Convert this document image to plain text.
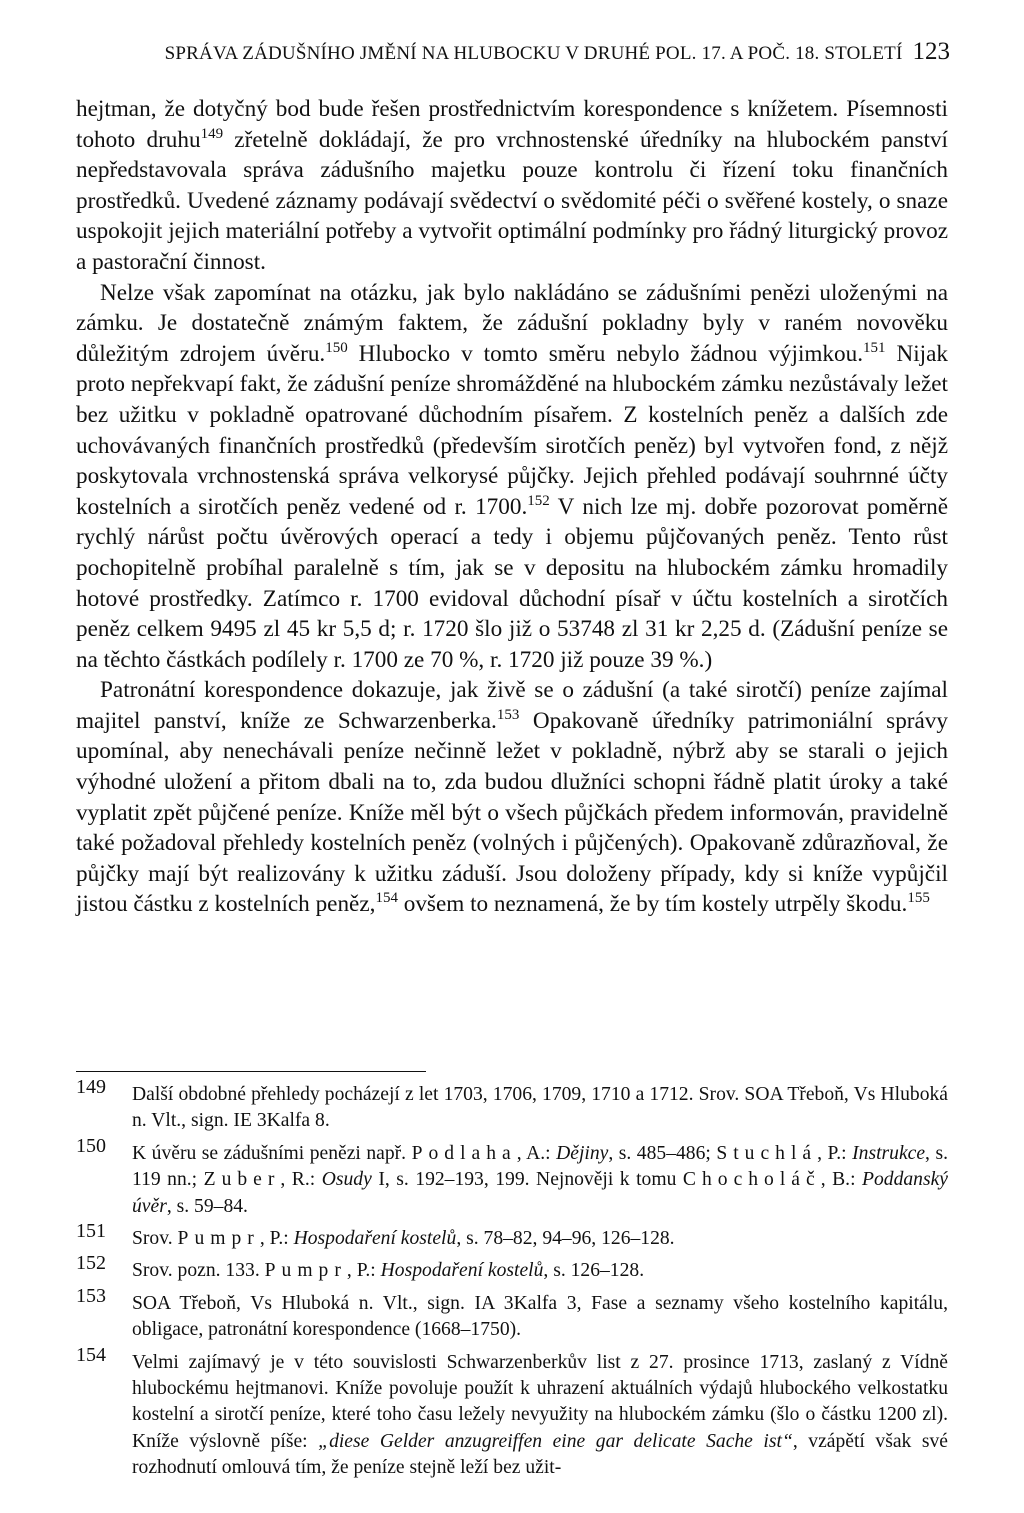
SPRÁVA ZÁDUŠNÍHO JMĚNÍ NA HLUBOCKU V DRUHÉ POL. 17. A POČ. 18. STOLETÍ 123

hejtman, že dotyčný bod bude řešen prostřednictvím korespondence s knížetem. Písemnosti tohoto druhu$^{149}$ zřetelně dokládají, že pro vrchnostenské úředníky na hlubockém panství nepředstavovala správa zádušního majetku pouze kontrolu či řízení toku finančních prostředků. Uvedené záznamy podávají svědectví o svědomité péči o svěřené kostely, o snaze uspokojit jejich materiální potřeby a vytvořit optimální podmínky pro řádný liturgický provoz a pastorační činnost.

Nelze však zapomínat na otázku, jak bylo nakládáno se zádušními penězi uloženými na zámku. Je dostatečně známým faktem, že zádušní pokladny byly v raném novověku důležitým zdrojem úvěru.$^{150}$ Hlubocko v tomto směru nebylo žádnou výjimkou.$^{151}$ Nijak proto nepřekvapí fakt, že zádušní peníze shromážděné na hlubockém zámku nezůstávaly ležet bez užitku v pokladně opatrované důchodním písařem. Z kostelních peněz a dalších zde uchovávaných finančních prostředků (především sirotčích peněz) byl vytvořen fond, z nějž poskytovala vrchnostenská správa velkorysé půjčky. Jejich přehled podávají souhrnné účty kostelních a sirotčích peněz vedené od r. 1700.$^{152}$ V nich lze mj. dobře pozorovat poměrně rychlý nárůst počtu úvěrových operací a tedy i objemu půjčovaných peněz. Tento růst pochopitelně probíhal paralelně s tím, jak se v depositu na hlubockém zámku hromadily hotové prostředky. Zatímco r. 1700 evidoval důchodní písař v účtu kostelních a sirotčích peněz celkem 9495 zl 45 kr 5,5 d; r. 1720 šlo již o 53748 zl 31 kr 2,25 d. (Zádušní peníze se na těchto částkách podílely r. 1700 ze 70 %, r. 1720 již pouze 39 %.)

Patronátní korespondence dokazuje, jak živě se o zádušní (a také sirotčí) peníze zajímal majitel panství, kníže ze Schwarzenberka.$^{153}$ Opakovaně úředníky patrimoniální správy upomínal, aby nenechávali peníze nečinně ležet v pokladně, nýbrž aby se starali o jejich výhodné uložení a přitom dbali na to, zda budou dlužníci schopni řádně platit úroky a také vyplatit zpět půjčené peníze. Kníže měl být o všech půjčkách předem informován, pravidelně také požadoval přehledy kostelních peněz (volných i půjčených). Opakovaně zdůrazňoval, že půjčky mají být realizovány k užitku záduší. Jsou doloženy případy, kdy si kníže vypůjčil jistou částku z kostelních peněz,$^{154}$ ovšem to neznamená, že by tím kostely utrpěly škodu.$^{155}$

149	Další obdobné přehledy pocházejí z let 1703, 1706, 1709, 1710 a 1712. Srov. SOA Třeboň, Vs Hluboká n. Vlt., sign. IE 3Kalfa 8.
150	K úvěru se zádušními penězi např. Podlaha, A.: Dějiny, s. 485–486; Stuchlá, P.: Instrukce, s. 119 nn.; Zuber, R.: Osudy I, s. 192–193, 199. Nejnověji k tomu Chocholáč, B.: Poddanský úvěr, s. 59–84.
151	Srov. Pumpr, P.: Hospodaření kostelů, s. 78–82, 94–96, 126–128.
152	Srov. pozn. 133. Pumpr, P.: Hospodaření kostelů, s. 126–128.
153	SOA Třeboň, Vs Hluboká n. Vlt., sign. IA 3Kalfa 3, Fase a seznamy všeho kostelního kapitálu, obligace, patronátní korespondence (1668–1750).
154	Velmi zajímavý je v této souvislosti Schwarzenberkův list z 27. prosince 1713, zaslaný z Vídně hlubockému hejtmanovi. Kníže povoluje použít k uhrazení aktuálních výdajů hlubockého velkostatku kostelní a sirotčí peníze, které toho času ležely nevyužity na hlubockém zámku (šlo o částku 1200 zl). Kníže výslovně píše: „diese Gelder anzugreiffen eine gar delicate Sache ist“, vzápětí však své rozhodnutí omlouvá tím, že peníze stejně leží bez užit-
